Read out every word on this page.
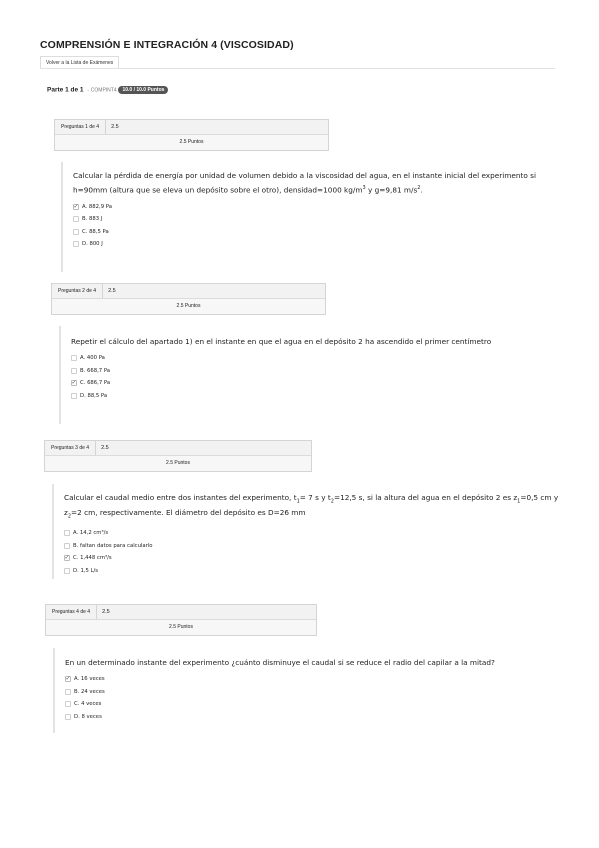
COMPRENSIÓN E INTEGRACIÓN 4 (VISCOSIDAD)
Volver a la Lista de Exámenes
Parte 1 de 1 - COMPINT4 10.0 / 10.0 Puntos
Preguntas 1 de 4	2.5
2.5 Puntos

Calcular la pérdida de energía por unidad de volumen debido a la viscosidad del agua, en el instante inicial del experimento si h=90mm (altura que se eleva un depósito sobre el otro), densidad=1000 $kg/m^3$ y g=9,81 $m/s^2$.

✓ A. 882,9 Pa
B. 883 J
C. 88,5 Pa
D. 800 J
Preguntas 2 de 4	2.5
2.5 Puntos

Repetir el cálculo del apartado 1) en el instante en que el agua en el depósito 2 ha ascendido el primer centímetro

A. 400 Pa
B. 668,7 Pa
✓ C. 686,7 Pa
D. 88,5 Pa
Preguntas 3 de 4	2.5
2.5 Puntos

Calcular el caudal medio entre dos instantes del experimento, $t_1= 7$ s y $t_2=12,5$ s, si la altura del agua en el depósito 2 es $z_1=0,5$ cm y $z_2=2$ cm, respectivamente. El diámetro del depósito es D=26 mm

A. 14,2 cm³/s
B. faltan datos para calcularlo
✓ C. 1,448 cm³/s
D. 1,5 L/s
Preguntas 4 de 4	2.5
2.5 Puntos

En un determinado instante del experimento ¿cuánto disminuye el caudal si se reduce el radio del capilar a la mitad?

✓ A. 16 veces
B. 24 veces
C. 4 veces
D. 8 veces
